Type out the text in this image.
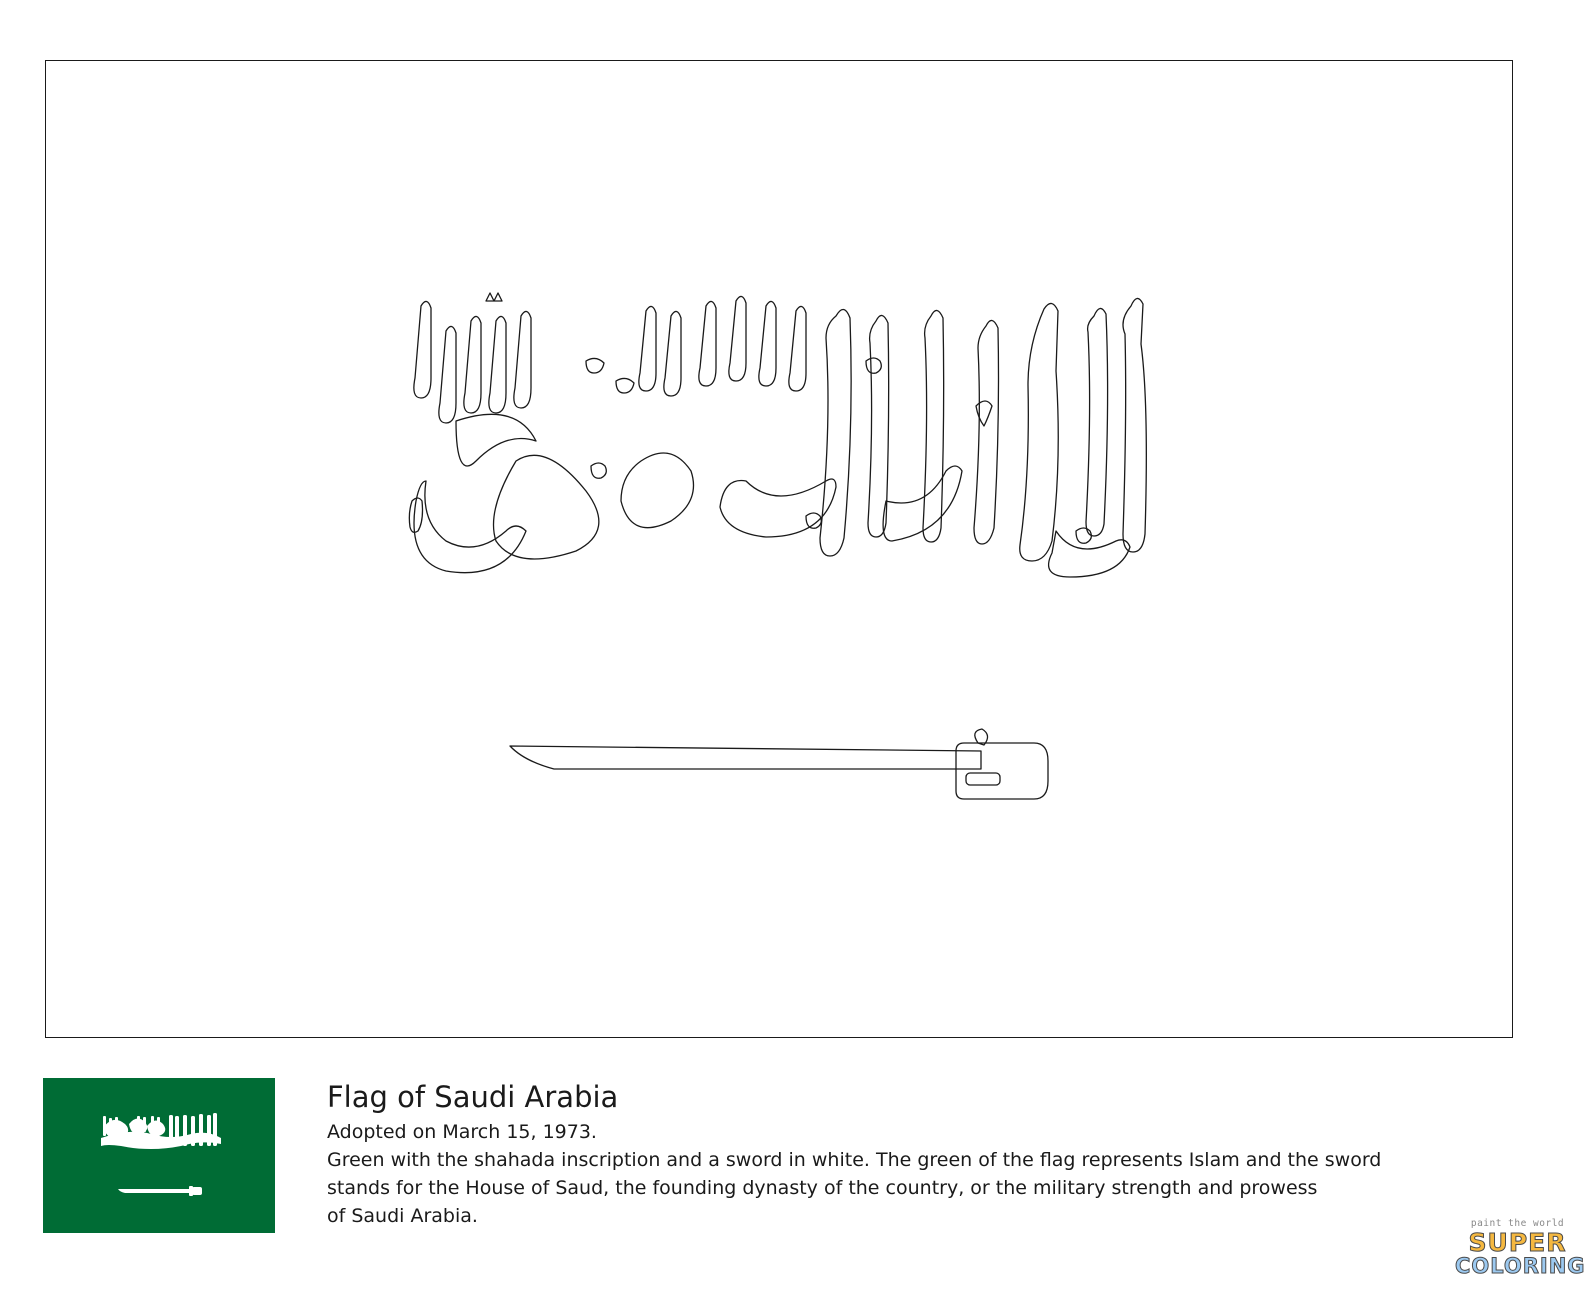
Flag of Saudi Arabia

Adopted on March 15, 1973.

Green with the shahada inscription and a sword in white. The green of the flag represents Islam and the sword

stands for the House of Saud, the founding dynasty of the country, or the military strength and prowess

of Saudi Arabia.	paint the world
SUPER
COLORING
